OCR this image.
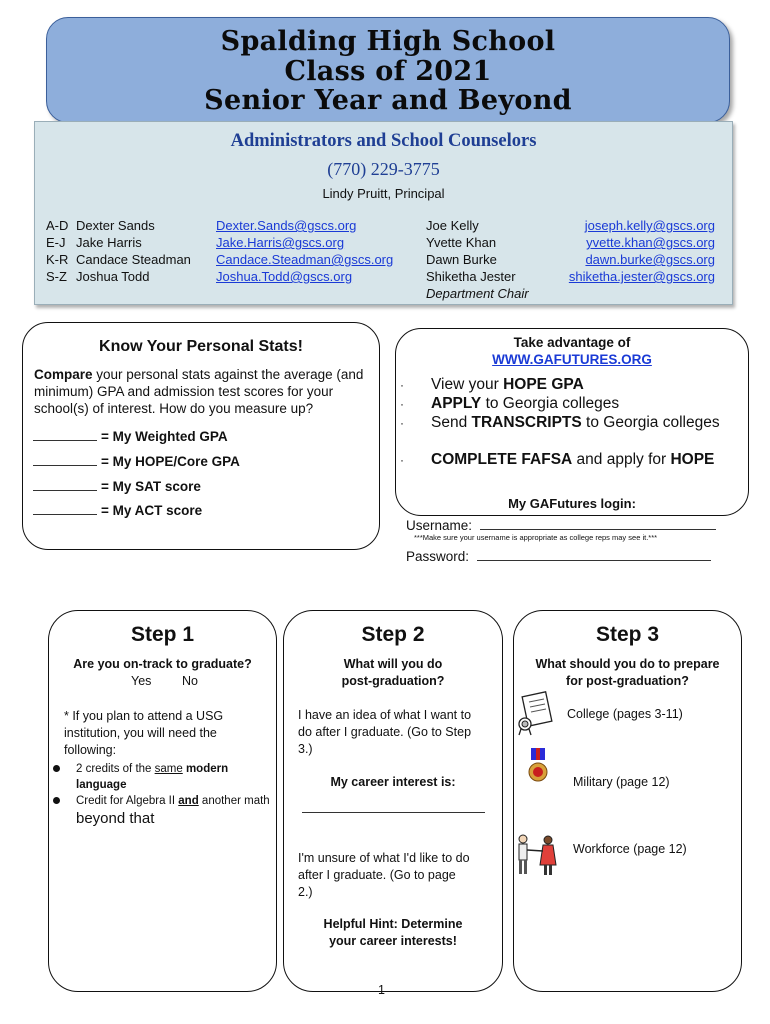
Spalding High School
Class of 2021
Senior Year and Beyond
Administrators and School Counselors
(770) 229-3775
Lindy Pruitt, Principal
A-D Dexter Sands
E-J Jake Harris
K-R Candace Steadman
S-Z Joshua Todd
Dexter.Sands@gscs.org
Jake.Harris@gscs.org
Candace.Steadman@gscs.org
Joshua.Todd@gscs.org
Joe Kelly
Yvette Khan
Dawn Burke
Shiketha Jester
Department Chair
joseph.kelly@gscs.org
yvette.khan@gscs.org
dawn.burke@gscs.org
shiketha.jester@gscs.org
Know Your Personal Stats!
Compare your personal stats against the average (and minimum) GPA and admission test scores for your school(s) of interest. How do you measure up?
= My Weighted GPA
= My HOPE/Core GPA
= My SAT score
= My ACT score
Take advantage of
WWW.GAFUTURES.ORG
My GAFutures login:
· View your HOPE GPA
· APPLY to Georgia colleges
· Send TRANSCRIPTS to Georgia colleges
· COMPLETE FAFSA and apply for HOPE
Username:
***Make sure your username is appropriate as college reps may see it.***
Password:
Step 1
Are you on-track to graduate?
Yes No
* If you plan to attend a USG institution, you will need the following:
2 credits of the same modern language
Credit for Algebra II and another math beyond that
Step 2
What will you do post-graduation?
I have an idea of what I want to do after I graduate. (Go to Step 3.)
My career interest is:
I'm unsure of what I'd like to do after I graduate. (Go to page 2.)
Helpful Hint: Determine your career interests!
Step 3
What should you do to prepare for post-graduation?
College (pages 3-11)
Military (page 12)
Workforce (page 12)
1
